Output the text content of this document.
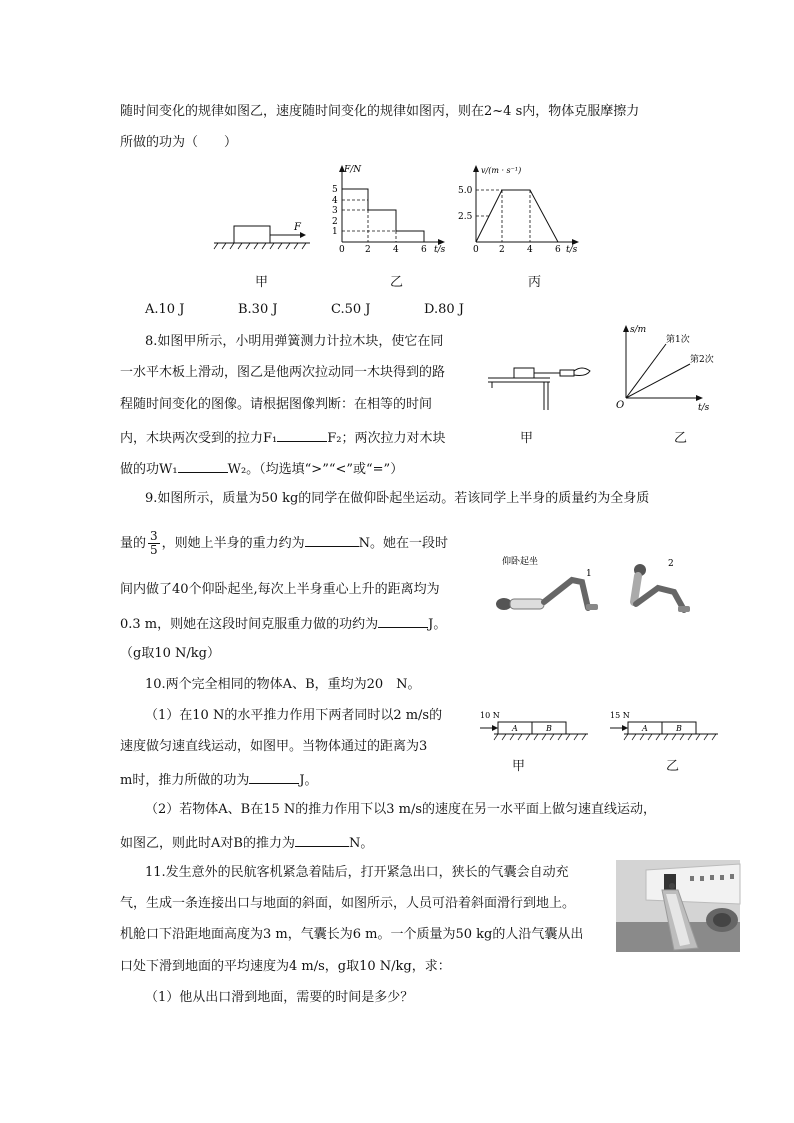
随时间变化的规律如图乙，速度随时间变化的规律如图丙，则在2~4 s内，物体克服摩擦力
所做的功为（　　）
F
F/N
t/s
5
4
3
2
1
0 2 4 6
v/(m · s⁻¹)
t/s
5.0
2.5
0 2 4 6
甲	乙	丙
A.10 J	B.30 J	C.50 J	D.80 J
8.如图甲所示，小明用弹簧测力计拉木块，使它在同
一水平木板上滑动，图乙是他两次拉动同一木块得到的路
程随时间变化的图像。请根据图像判断：在相等的时间
内，木块两次受到的拉力F₁	F₂；两次拉力对木块
做的功W₁	W₂。（均选填“>”“<”或“=”）
甲
s/m
t/s
O
第1次
第2次
乙
9.如图所示，质量为50 kg的同学在做仰卧起坐运动。若该同学上半身的质量约为全身质
量的 $\frac{3}{5}$ ，则她上半身的重力约为	N。她在一段时
间内做了40个仰卧起坐,每次上半身重心上升的距离均为
0.3 m，则她在这段时间克服重力做的功约为	J。
（g取10 N/kg）
仰卧起坐
1
2
10.两个完全相同的物体A、B，重均为20　N。
（1）在10 N的水平推力作用下两者同时以2 m/s的
速度做匀速直线运动，如图甲。当物体通过的距离为3
m时，推力所做的功为	J。
（2）若物体A、B在15 N的推力作用下以3 m/s的速度在另一水平面上做匀速直线运动，
如图乙，则此时A对B的推力为	N。
10 N
A	B
甲
15 N
A	B
乙
11.发生意外的民航客机紧急着陆后，打开紧急出口，狭长的气囊会自动充
气，生成一条连接出口与地面的斜面，如图所示，人员可沿着斜面滑行到地上。
机舱口下沿距地面高度为3 m，气囊长为6 m。一个质量为50 kg的人沿气囊从出
口处下滑到地面的平均速度为4 m/s，g取10 N/kg，求：
（1）他从出口滑到地面，需要的时间是多少？
